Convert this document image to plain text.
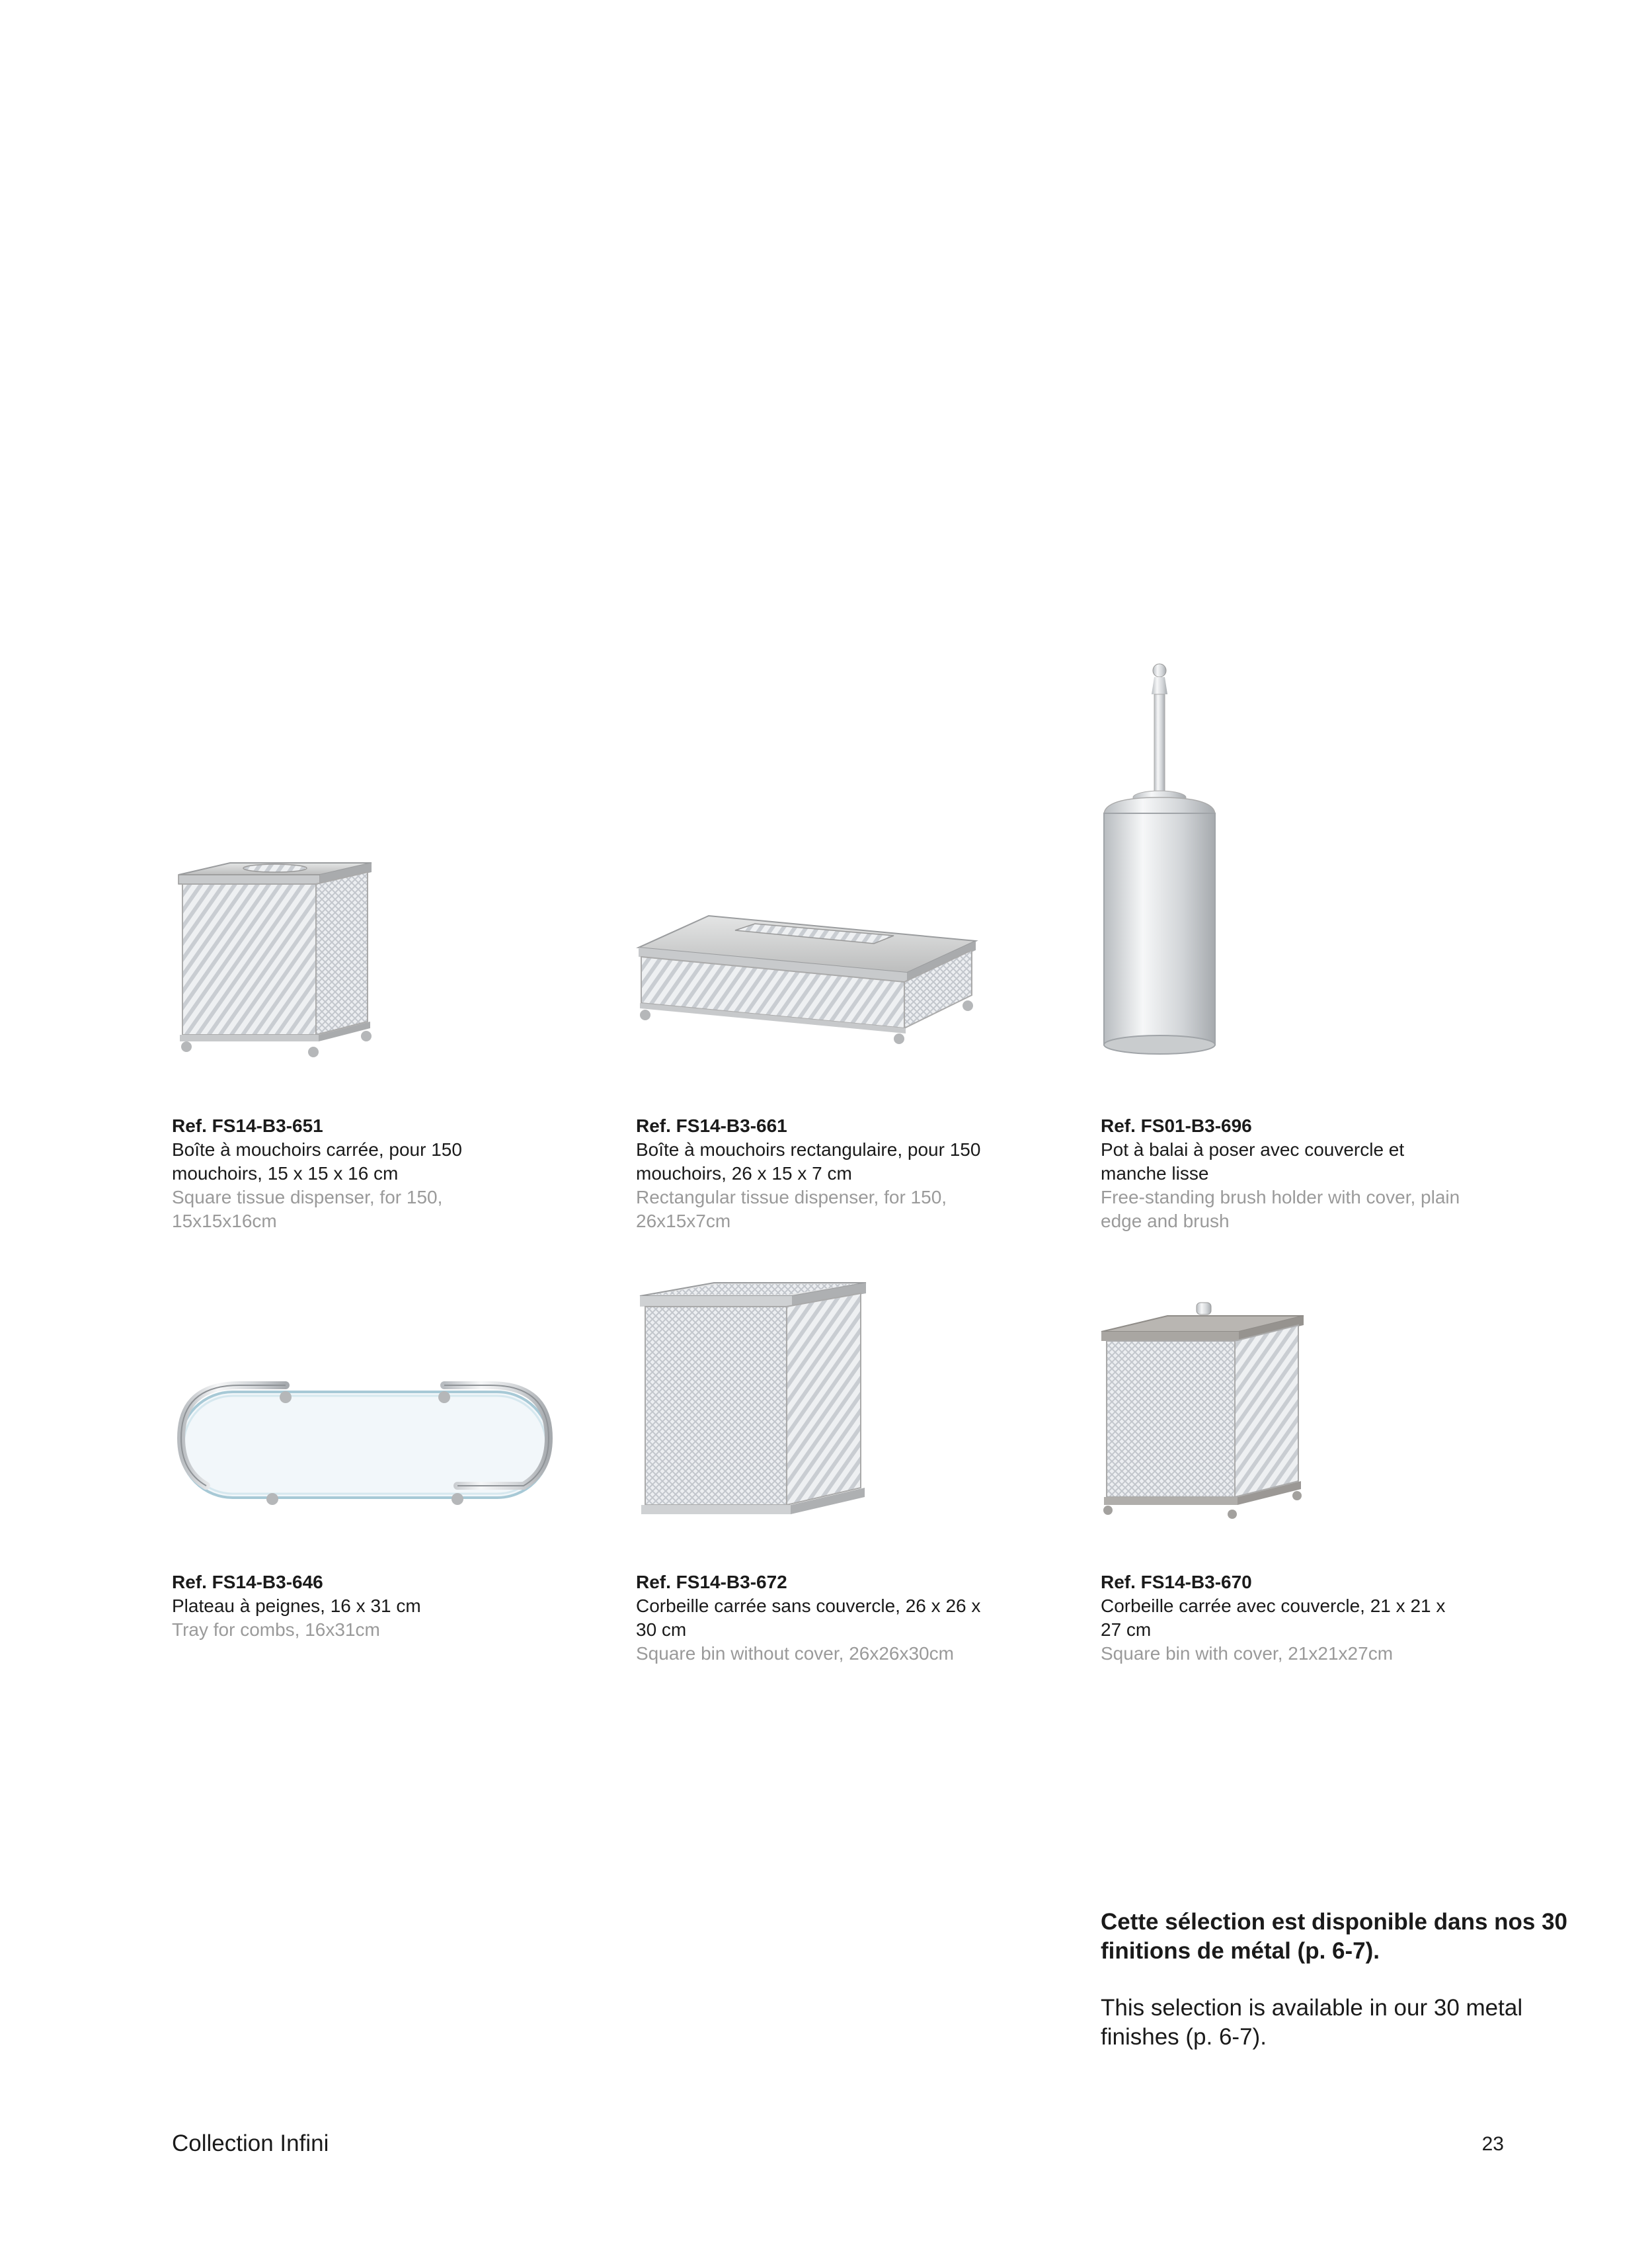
Ref. FS14-B3-651
Boîte à mouchoirs carrée, pour 150 mouchoirs, 15 x 15 x 16 cm
Square tissue dispenser, for 150, 15x15x16cm
Ref. FS14-B3-661
Boîte à mouchoirs rectangulaire, pour 150 mouchoirs, 26 x 15 x 7 cm
Rectangular tissue dispenser, for 150, 26x15x7cm
Ref. FS01-B3-696
Pot à balai à poser avec couvercle et manche lisse
Free-standing brush holder with cover, plain edge and brush
Ref. FS14-B3-646
Plateau à peignes, 16 x 31 cm
Tray for combs, 16x31cm
Ref. FS14-B3-672
Corbeille carrée sans couvercle, 26 x 26 x 30 cm
Square bin without cover, 26x26x30cm
Ref. FS14-B3-670
Corbeille carrée avec couvercle, 21 x 21 x 27 cm
Square bin with cover, 21x21x27cm
Cette sélection est disponible dans nos 30 finitions de métal (p. 6-7).
This selection is available in our 30 metal finishes (p. 6-7).
Collection Infini	23
